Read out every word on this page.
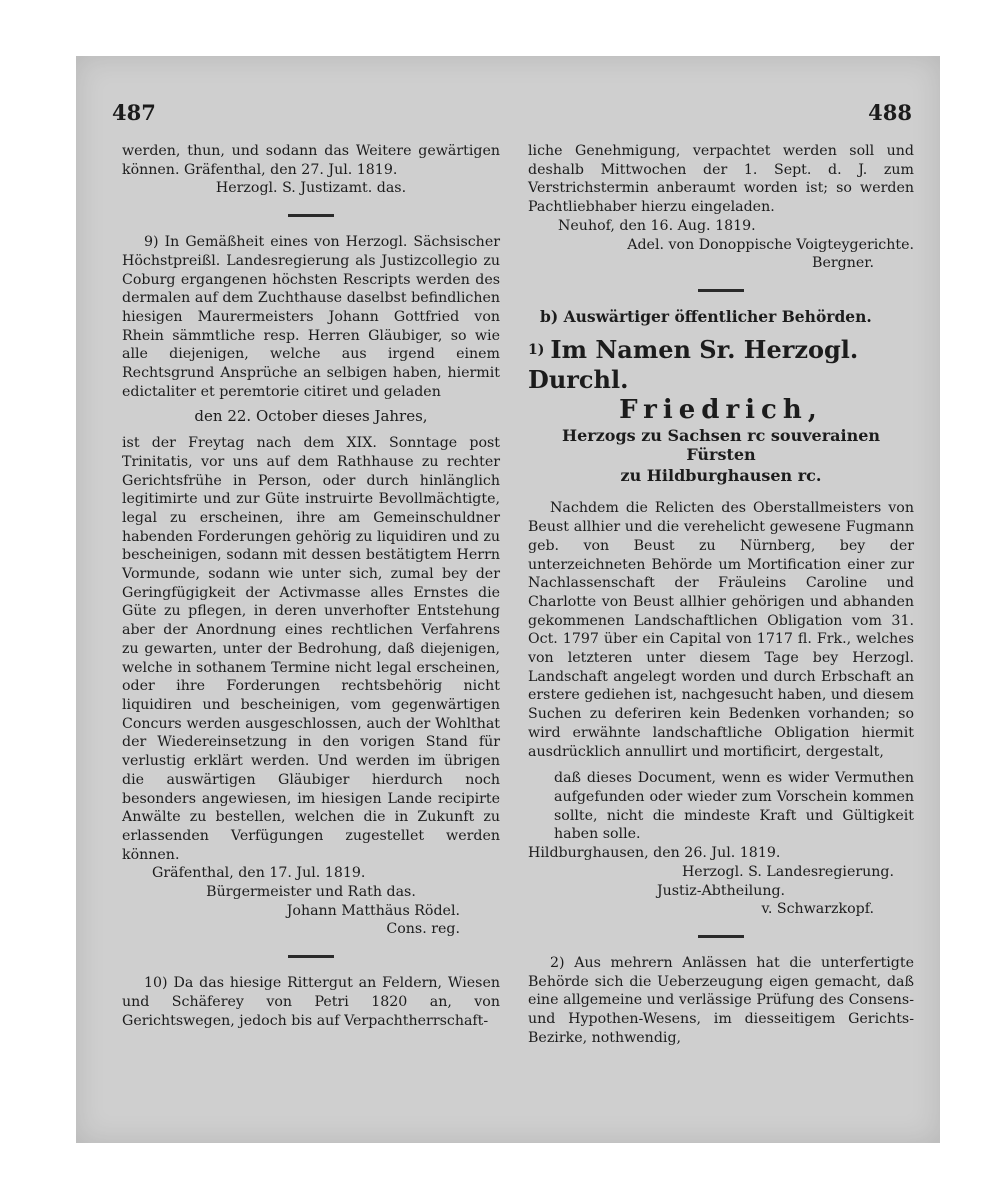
487	488

werden, thun, und sodann das Weitere gewärtigen können. Gräfenthal, den 27. Jul. 1819.

Herzogl. S. Justizamt. das.

9) In Gemäßheit eines von Herzogl. Sächsischer Höchstpreißl. Landesregierung als Justizcollegio zu Coburg ergangenen höchsten Rescripts werden des dermalen auf dem Zuchthause daselbst befindlichen hiesigen Maurermeisters Johann Gottfried von Rhein sämmtliche resp. Herren Gläubiger, so wie alle diejenigen, welche aus irgend einem Rechtsgrund Ansprüche an selbigen haben, hiermit edictaliter et peremtorie citiret und geladen

den 22. October dieses Jahres,

ist der Freytag nach dem XIX. Sonntage post Trinitatis, vor uns auf dem Rathhause zu rechter Gerichtsfrühe in Person, oder durch hinlänglich legitimirte und zur Güte instruirte Bevollmächtigte, legal zu erscheinen, ihre am Gemeinschuldner habenden Forderungen gehörig zu liquidiren und zu bescheinigen, sodann mit dessen bestätigtem Herrn Vormunde, sodann wie unter sich, zumal bey der Geringfügigkeit der Activmasse alles Ernstes die Güte zu pflegen, in deren unverhofter Entstehung aber der Anordnung eines rechtlichen Verfahrens zu gewarten, unter der Bedrohung, daß diejenigen, welche in sothanem Termine nicht legal erscheinen, oder ihre Forderungen rechtsbehörig nicht liquidiren und bescheinigen, vom gegenwärtigen Concurs werden ausgeschlossen, auch der Wohlthat der Wiedereinsetzung in den vorigen Stand für verlustig erklärt werden. Und werden im übrigen die auswärtigen Gläubiger hierdurch noch besonders angewiesen, im hiesigen Lande recipirte Anwälte zu bestellen, welchen die in Zukunft zu erlassenden Verfügungen zugestellet werden können.

Gräfenthal, den 17. Jul. 1819.

Bürgermeister und Rath das.

Johann Matthäus Rödel.

Cons. reg.

10) Da das hiesige Rittergut an Feldern, Wiesen und Schäferey von Petri 1820 an, von Gerichtswegen, jedoch bis auf Verpachtherrschaft-

liche Genehmigung, verpachtet werden soll und deshalb Mittwochen der 1. Sept. d. J. zum Verstrichstermin anberaumt worden ist; so werden Pachtliebhaber hierzu eingeladen.

Neuhof, den 16. Aug. 1819.

Adel. von Donoppische Voigteygerichte.

Bergner.

b) Auswärtiger öffentlicher Behörden.
$^{1)}$ Im Namen Sr. Herzogl. Durchl.
Friedrich,
Herzogs zu Sachsen rc souverainen Fürsten
zu Hildburghausen rc.

Nachdem die Relicten des Oberstallmeisters von Beust allhier und die verehelicht gewesene Fugmann geb. von Beust zu Nürnberg, bey der unterzeichneten Behörde um Mortification einer zur Nachlassenschaft der Fräuleins Caroline und Charlotte von Beust allhier gehörigen und abhanden gekommenen Landschaftlichen Obligation vom 31. Oct. 1797 über ein Capital von 1717 fl. Frk., welches von letzteren unter diesem Tage bey Herzogl. Landschaft angelegt worden und durch Erbschaft an erstere gediehen ist, nachgesucht haben, und diesem Suchen zu deferiren kein Bedenken vorhanden; so wird erwähnte landschaftliche Obligation hiermit ausdrücklich annullirt und mortificirt, dergestalt,

daß dieses Document, wenn es wider Vermuthen aufgefunden oder wieder zum Vorschein kommen sollte, nicht die mindeste Kraft und Gültigkeit haben solle.

Hildburghausen, den 26. Jul. 1819.

Herzogl. S. Landesregierung.

Justiz-Abtheilung.

v. Schwarzkopf.

2) Aus mehrern Anlässen hat die unterfertigte Behörde sich die Ueberzeugung eigen gemacht, daß eine allgemeine und verlässige Prüfung des Consens- und Hypothen-Wesens, im diesseitigem Gerichts-Bezirke, nothwendig,
